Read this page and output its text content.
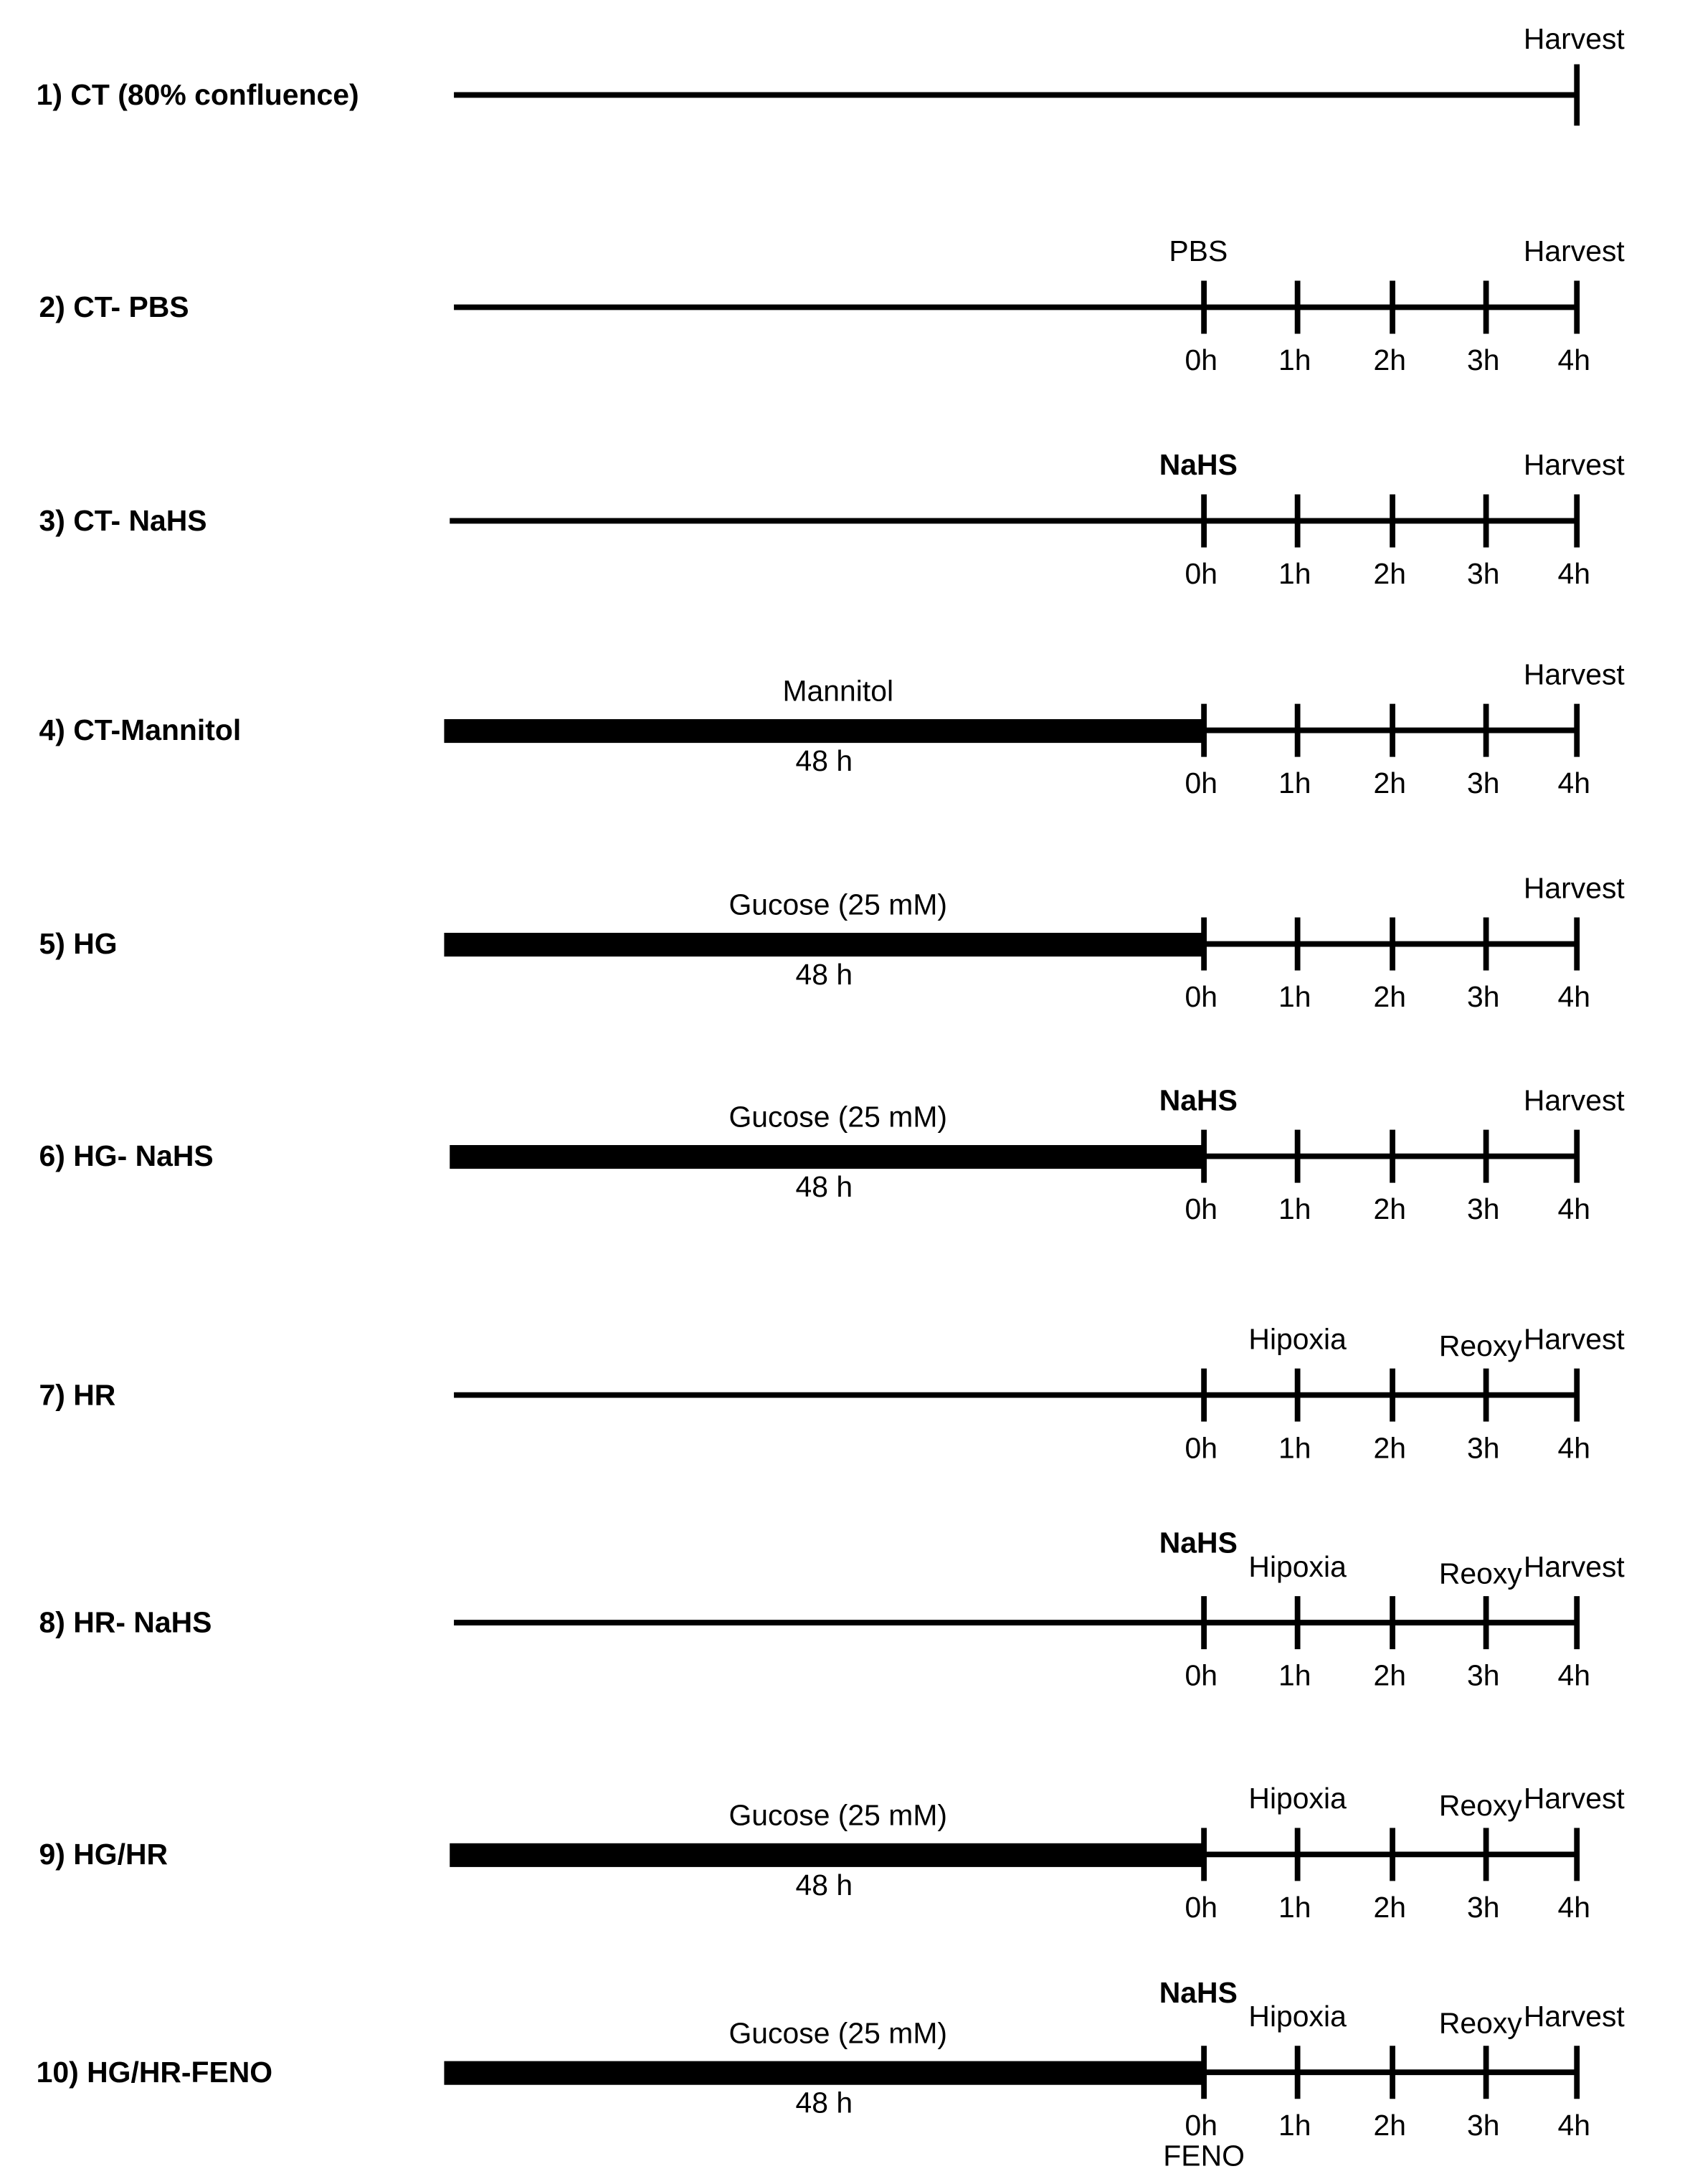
1) CT (80% confluence)
Harvest
2) CT- PBS
0h	1h	2h	3h	4h
Harvest
PBS
3) CT- NaHS
0h	1h	2h	3h	4h
Harvest
NaHS
4) CT-Mannitol
Mannitol
48 h
0h	1h	2h	3h	4h
Harvest
5) HG
Gucose (25 mM)
48 h
0h	1h	2h	3h	4h
Harvest
6) HG- NaHS
Gucose (25 mM)
48 h
0h	1h	2h	3h	4h
Harvest
NaHS
7) HR
0h	1h	2h	3h	4h
Harvest
Hipoxia	Reoxy
8) HR- NaHS
0h	1h	2h	3h	4h
Harvest
NaHS
Hipoxia	Reoxy
9) HG/HR
Gucose (25 mM)
48 h
0h	1h	2h	3h	4h
Harvest
Hipoxia	Reoxy
10) HG/HR-FENO
Gucose (25 mM)
48 h
0h	1h	2h	3h	4h
Harvest
NaHS
Hipoxia	Reoxy
FENO
